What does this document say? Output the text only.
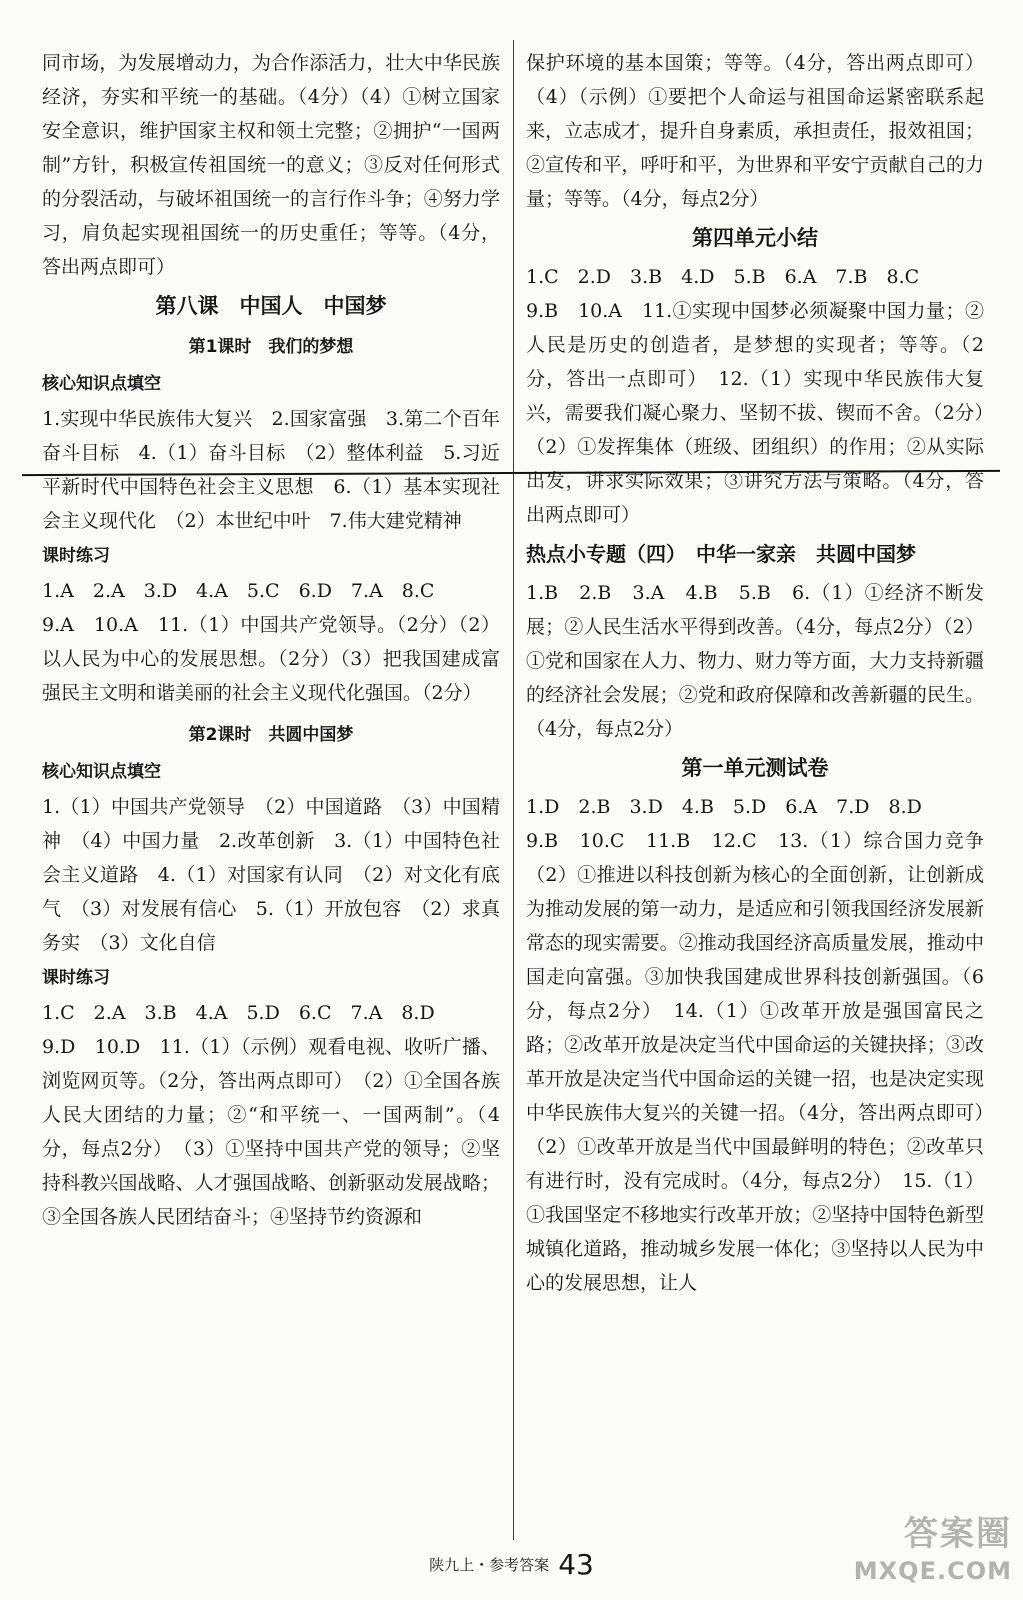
同市场，为发展增动力，为合作添活力，壮大中华民族经济，夯实和平统一的基础。（4分）（4）①树立国家安全意识，维护国家主权和领土完整；②拥护“一国两制”方针，积极宣传祖国统一的意义；③反对任何形式的分裂活动，与破坏祖国统一的言行作斗争；④努力学习，肩负起实现祖国统一的历史重任；等等。（4分，答出两点即可）

第八课　中国人　中国梦
第1课时　我们的梦想
核心知识点填空

1.实现中华民族伟大复兴　2.国家富强　3.第二个百年奋斗目标　4.（1）奋斗目标　（2）整体利益　5.习近平新时代中国特色社会主义思想　6.（1）基本实现社会主义现代化　（2）本世纪中叶　7.伟大建党精神

课时练习

1.A　2.A　3.D　4.A　5.C　6.D　7.A　8.C

9.A　10.A　11.（1）中国共产党领导。（2分）（2）以人民为中心的发展思想。（2分）（3）把我国建成富强民主文明和谐美丽的社会主义现代化强国。（2分）

第2课时　共圆中国梦
核心知识点填空

1.（1）中国共产党领导　（2）中国道路　（3）中国精神　（4）中国力量　2.改革创新　3.（1）中国特色社会主义道路　4.（1）对国家有认同　（2）对文化有底气　（3）对发展有信心　5.（1）开放包容　（2）求真务实　（3）文化自信

课时练习

1.C　2.A　3.B　4.A　5.D　6.C　7.A　8.D

9.D　10.D　11.（1）（示例）观看电视、收听广播、浏览网页等。（2分，答出两点即可）　（2）①全国各族人民大团结的力量；②“和平统一、一国两制”。（4分，每点2分）　（3）①坚持中国共产党的领导；②坚持科教兴国战略、人才强国战略、创新驱动发展战略；③全国各族人民团结奋斗；④坚持节约资源和

保护环境的基本国策；等等。（4分，答出两点即可）（4）（示例）①要把个人命运与祖国命运紧密联系起来，立志成才，提升自身素质，承担责任，报效祖国；②宣传和平，呼吁和平，为世界和平安宁贡献自己的力量；等等。（4分，每点2分）

第四单元小结

1.C　2.D　3.B　4.D　5.B　6.A　7.B　8.C

9.B　10.A　11.①实现中国梦必须凝聚中国力量；②人民是历史的创造者，是梦想的实现者；等等。（2分，答出一点即可）　12.（1）实现中华民族伟大复兴，需要我们凝心聚力、坚韧不拔、锲而不舍。（2分）（2）①发挥集体（班级、团组织）的作用；②从实际出发，讲求实际效果；③讲究方法与策略。（4分，答出两点即可）

热点小专题（四）　中华一家亲　共圆中国梦

1.B　2.B　3.A　4.B　5.B　6.（1）①经济不断发展；②人民生活水平得到改善。（4分，每点2分）（2）①党和国家在人力、物力、财力等方面，大力支持新疆的经济社会发展；②党和政府保障和改善新疆的民生。（4分，每点2分）

第一单元测试卷

1.D　2.B　3.D　4.B　5.D　6.A　7.D　8.D

9.B　10.C　11.B　12.C　13.（1）综合国力竞争（2）①推进以科技创新为核心的全面创新，让创新成为推动发展的第一动力，是适应和引领我国经济发展新常态的现实需要。②推动我国经济高质量发展，推动中国走向富强。③加快我国建成世界科技创新强国。（6分，每点2分）　14.（1）①改革开放是强国富民之路；②改革开放是决定当代中国命运的关键抉择；③改革开放是决定当代中国命运的关键一招，也是决定实现中华民族伟大复兴的关键一招。（4分，答出两点即可）　（2）①改革开放是当代中国最鲜明的特色；②改革只有进行时，没有完成时。（4分，每点2分）　15.（1）①我国坚定不移地实行改革开放；②坚持中国特色新型城镇化道路，推动城乡发展一体化；③坚持以人民为中心的发展思想，让人

陕九上・参考答案 43
答案圈
MXQE.COM
